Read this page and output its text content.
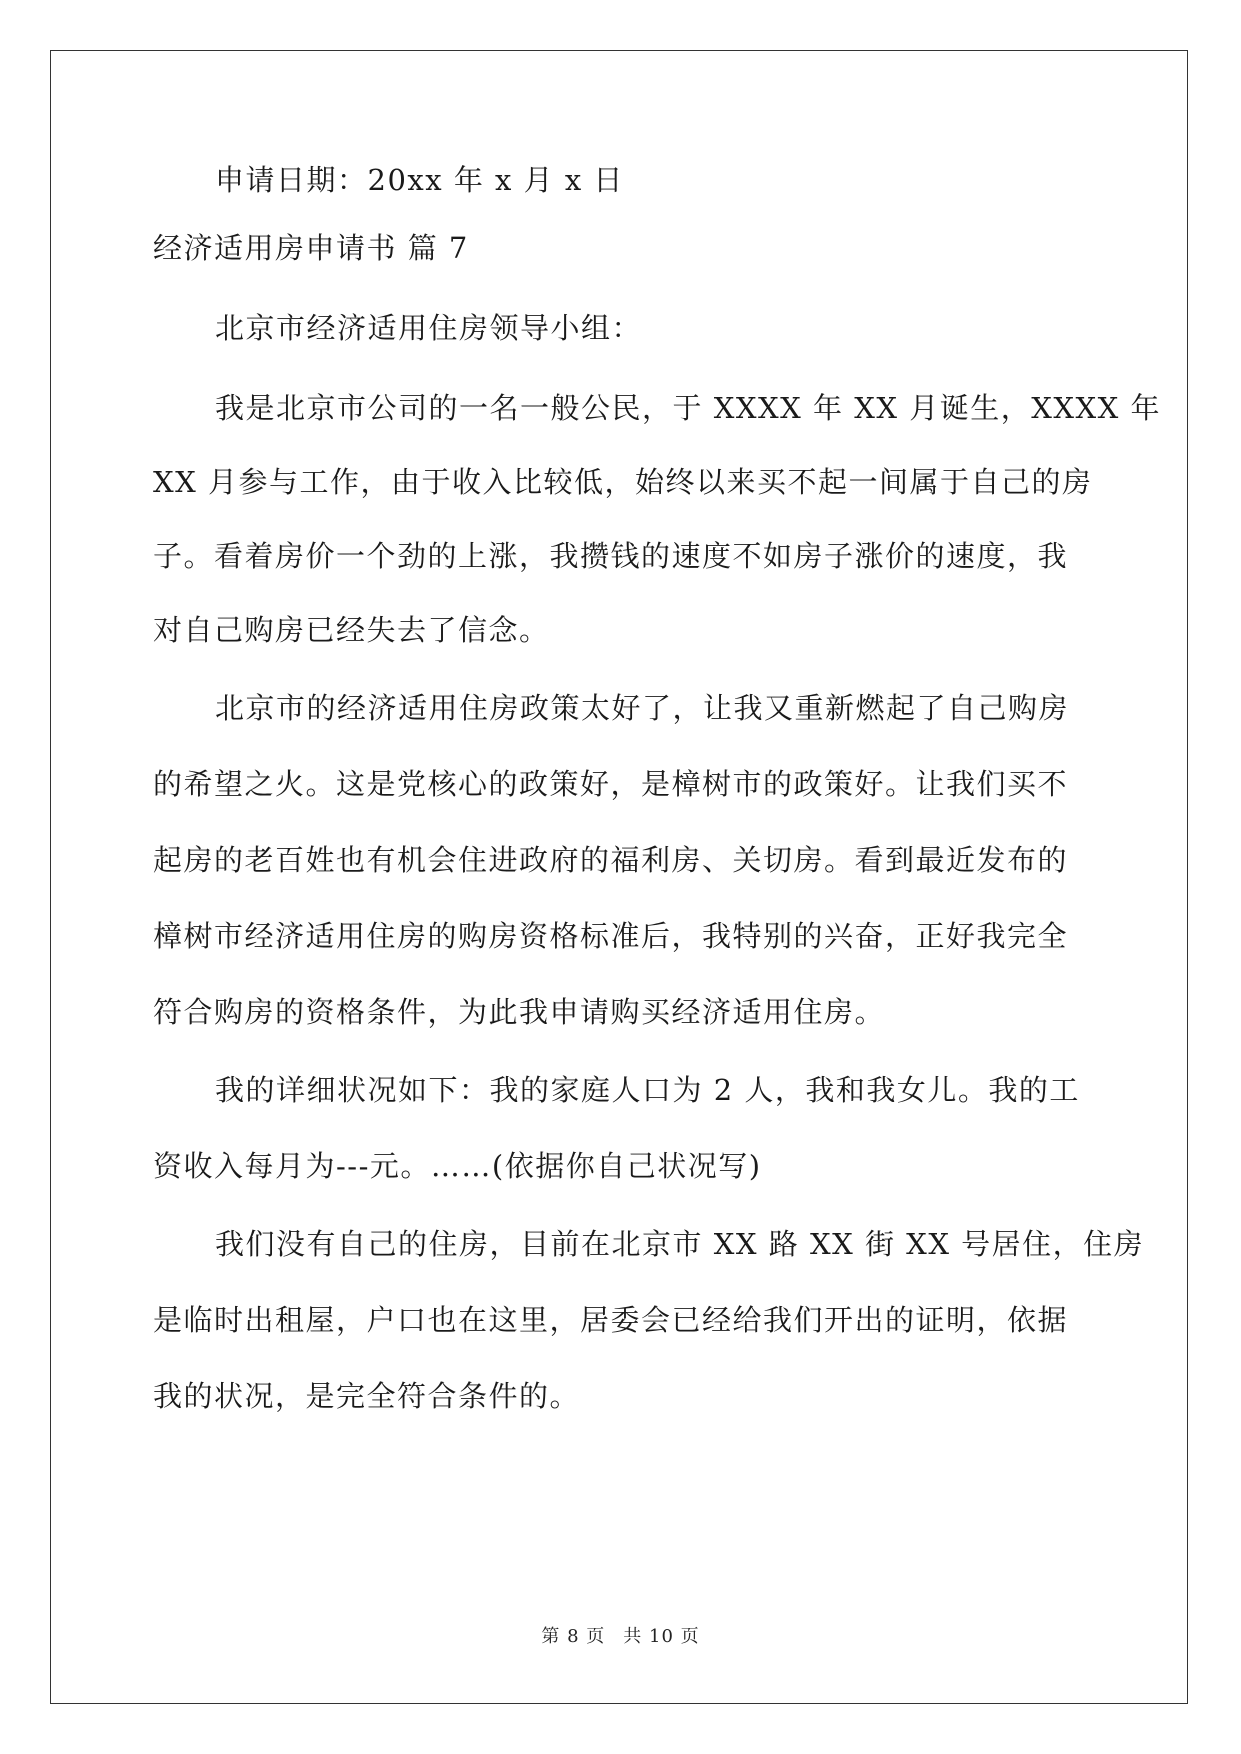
申请日期：20xx 年 x 月 x 日
经济适用房申请书 篇 7
北京市经济适用住房领导小组：
我是北京市公司的一名一般公民，于 XXXX 年 XX 月诞生，XXXX 年
XX 月参与工作，由于收入比较低，始终以来买不起一间属于自己的房
子。看着房价一个劲的上涨，我攒钱的速度不如房子涨价的速度，我
对自己购房已经失去了信念。
北京市的经济适用住房政策太好了，让我又重新燃起了自己购房
的希望之火。这是党核心的政策好，是樟树市的政策好。让我们买不
起房的老百姓也有机会住进政府的福利房、关切房。看到最近发布的
樟树市经济适用住房的购房资格标准后，我特别的兴奋，正好我完全
符合购房的资格条件，为此我申请购买经济适用住房。
我的详细状况如下：我的家庭人口为 2 人，我和我女儿。我的工
资收入每月为---元。……(依据你自己状况写)
我们没有自己的住房，目前在北京市 XX 路 XX 街 XX 号居住，住房
是临时出租屋，户口也在这里，居委会已经给我们开出的证明，依据
我的状况，是完全符合条件的。
第 8 页 共 10 页
